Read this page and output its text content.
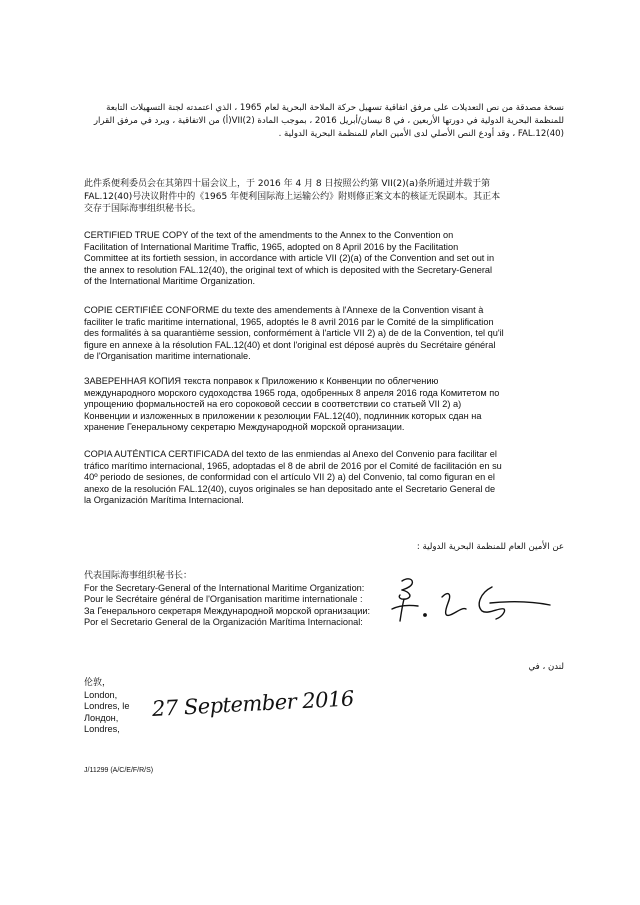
نسخة مصدقة من نص التعديلات على مرفق اتفاقية تسهيل حركة الملاحة البحرية لعام 1965 ، الذي اعتمدته لجنة التسهيلات التابعة
للمنظمة البحرية الدولية في دورتها الأربعين ، في 8 نيسان/أبريل 2016 ، بموجب المادة VII(2)(أ) من الاتفاقية ، ويرد في مرفق القرار
FAL.12(40) ، وقد أودع النص الأصلي لدى الأمين العام للمنظمة البحرية الدولية .
此件系便利委员会在其第四十届会议上，于 2016 年 4 月 8 日按照公约第 VII(2)(a)条所通过并载于第
FAL.12(40)号决议附件中的《1965 年便利国际海上运输公约》附则修正案文本的核证无误副本。其正本
交存于国际海事组织秘书长。
CERTIFIED TRUE COPY of the text of the amendments to the Annex to the Convention on
Facilitation of International Maritime Traffic, 1965, adopted on 8 April 2016 by the Facilitation
Committee at its fortieth session, in accordance with article VII (2)(a) of the Convention and set out in
the annex to resolution FAL.12(40), the original text of which is deposited with the Secretary-General
of the International Maritime Organization.
COPIE CERTIFIÉE CONFORME du texte des amendements à l'Annexe de la Convention visant à
faciliter le trafic maritime international, 1965, adoptés le 8 avril 2016 par le Comité de la simplification
des formalités à sa quarantième session, conformément à l'article VII 2) a) de de la Convention, tel qu'il
figure en annexe à la résolution FAL.12(40) et dont l'original est déposé auprès du Secrétaire général
de l'Organisation maritime internationale.
ЗАВЕРЕННАЯ КОПИЯ текста поправок к Приложению к Конвенции по облегчению
международного морского судоходства 1965 года, одобренных 8 апреля 2016 года Комитетом по
упрощению формальностей на его сороковой сессии в соответствии со статьей VII 2) а)
Конвенции и изложенных в приложении к резолюции FAL.12(40), подлинник которых сдан на
хранение Генеральному секретарю Международной морской организации.
COPIA AUTÉNTICA CERTIFICADA del texto de las enmiendas al Anexo del Convenio para facilitar el
tráfico marítimo internacional, 1965, adoptadas el 8 de abril de 2016 por el Comité de facilitación en su
40º periodo de sesiones, de conformidad con el artículo VII 2) a) del Convenio, tal como figuran en el
anexo de la resolución FAL.12(40), cuyos originales se han depositado ante el Secretario General de
la Organización Marítima Internacional.
عن الأمين العام للمنظمة البحرية الدولية :
代表国际海事组织秘书长：
For the Secretary-General of the International Maritime Organization:
Pour le Secrétaire général de l'Organisation maritime internationale :
За Генерального секретаря Международной морской организации:
Por el Secretario General de la Organización Marítima Internacional:
لندن ، في
伦敦，
London,
Londres, le
Лондон,
Londres,
27 September 2016
J/11299 (A/C/E/F/R/S)
